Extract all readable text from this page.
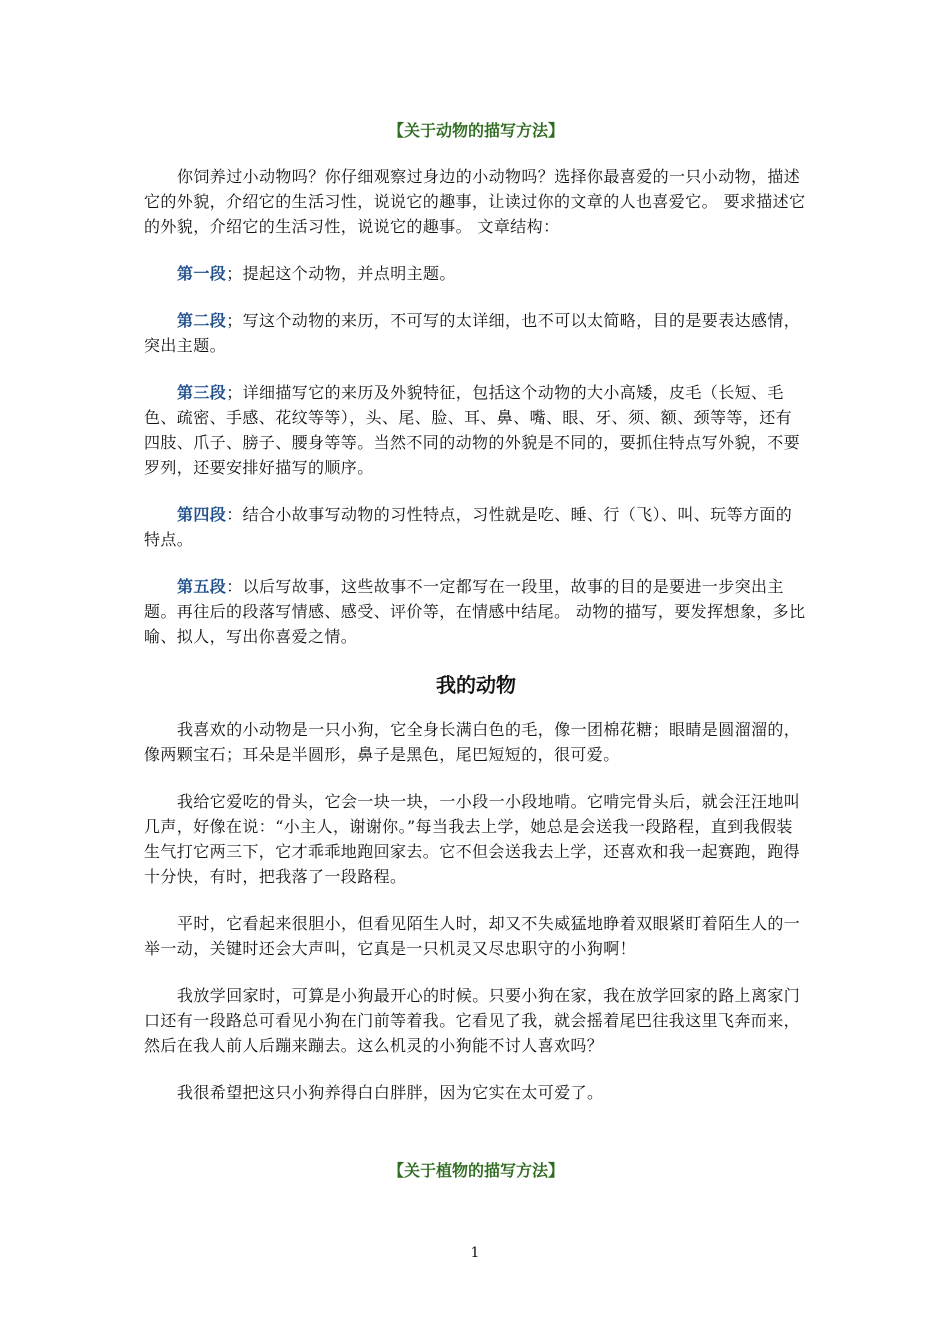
【关于动物的描写方法】

你饲养过小动物吗？你仔细观察过身边的小动物吗？选择你最喜爱的一只小动物，描述它的外貌，介绍它的生活习性，说说它的趣事，让读过你的文章的人也喜爱它。 要求描述它的外貌，介绍它的生活习性，说说它的趣事。 文章结构：

第一段；提起这个动物，并点明主题。

第二段；写这个动物的来历，不可写的太详细，也不可以太简略，目的是要表达感情，突出主题。

第三段；详细描写它的来历及外貌特征，包括这个动物的大小高矮，皮毛（长短、毛色、疏密、手感、花纹等等），头、尾、脸、耳、鼻、嘴、眼、牙、须、额、颈等等，还有四肢、爪子、膀子、腰身等等。当然不同的动物的外貌是不同的，要抓住特点写外貌，不要罗列，还要安排好描写的顺序。

第四段：结合小故事写动物的习性特点，习性就是吃、睡、行（飞）、叫、玩等方面的特点。

第五段：以后写故事，这些故事不一定都写在一段里，故事的目的是要进一步突出主题。再往后的段落写情感、感受、评价等，在情感中结尾。 动物的描写，要发挥想象，多比喻、拟人，写出你喜爱之情。

我的动物

我喜欢的小动物是一只小狗，它全身长满白色的毛，像一团棉花糖；眼睛是圆溜溜的，像两颗宝石；耳朵是半圆形，鼻子是黑色，尾巴短短的，很可爱。

我给它爱吃的骨头，它会一块一块，一小段一小段地啃。它啃完骨头后，就会汪汪地叫几声，好像在说：“小主人，谢谢你。”每当我去上学，她总是会送我一段路程，直到我假装生气打它两三下，它才乖乖地跑回家去。它不但会送我去上学，还喜欢和我一起赛跑，跑得十分快，有时，把我落了一段路程。

平时，它看起来很胆小，但看见陌生人时，却又不失威猛地睁着双眼紧盯着陌生人的一举一动，关键时还会大声叫，它真是一只机灵又尽忠职守的小狗啊！

我放学回家时，可算是小狗最开心的时候。只要小狗在家，我在放学回家的路上离家门口还有一段路总可看见小狗在门前等着我。它看见了我，就会摇着尾巴往我这里飞奔而来，然后在我人前人后蹦来蹦去。这么机灵的小狗能不讨人喜欢吗？

我很希望把这只小狗养得白白胖胖，因为它实在太可爱了。

【关于植物的描写方法】
1
